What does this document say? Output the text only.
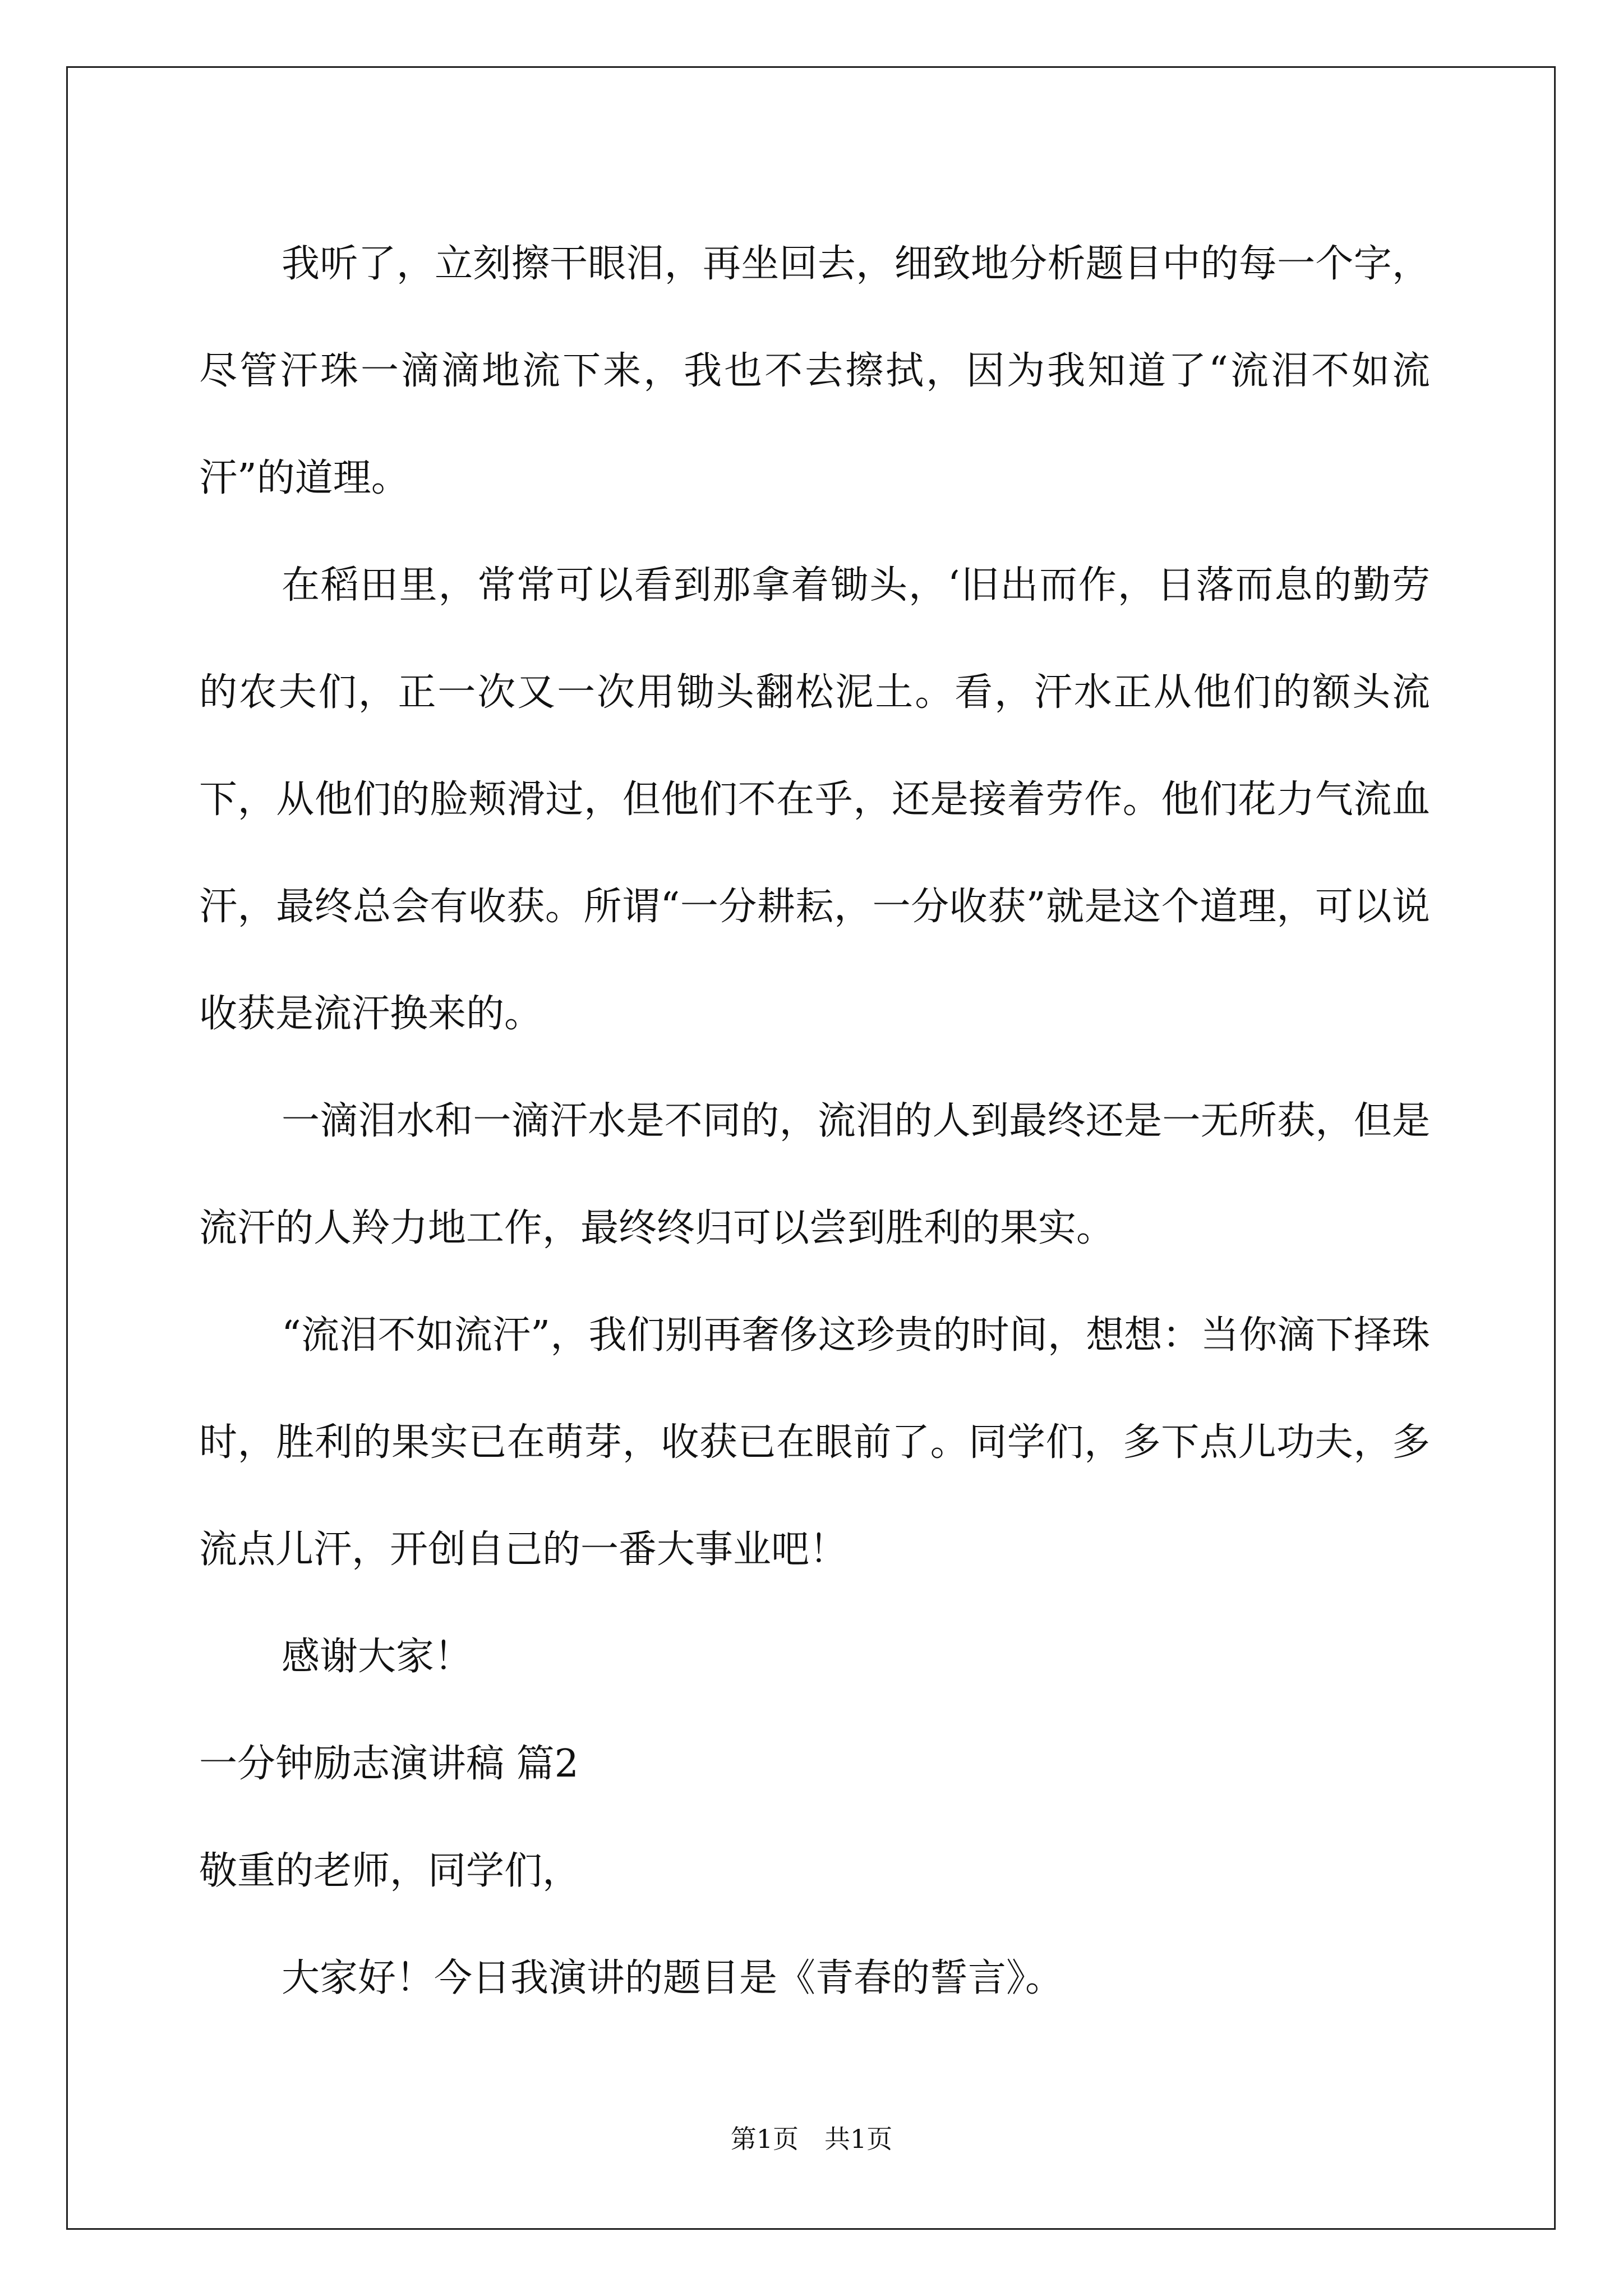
我听了，立刻擦干眼泪，再坐回去，细致地分析题目中的每一个字，尽管汗珠一滴滴地流下来，我也不去擦拭，因为我知道了“流泪不如流汗”的道理。

在稻田里，常常可以看到那拿着锄头，‘旧出而作，日落而息的勤劳的农夫们，正一次又一次用锄头翻松泥土。看，汗水正从他们的额头流下，从他们的脸颊滑过，但他们不在乎，还是接着劳作。他们花力气流血汗，最终总会有收获。所谓“一分耕耘，一分收获”就是这个道理，可以说收获是流汗换来的。

一滴泪水和一滴汗水是不同的，流泪的人到最终还是一无所获，但是流汗的人羚力地工作，最终终归可以尝到胜利的果实。

“流泪不如流汗”，我们别再奢侈这珍贵的时间，想想：当你滴下择珠时，胜利的果实已在萌芽，收获已在眼前了。同学们，多下点儿功夫，多流点儿汗，开创自己的一番大事业吧！

感谢大家！

一分钟励志演讲稿 篇2

敬重的老师，同学们，

大家好！今日我演讲的题目是《青春的誓言》。

第1页　共1页
